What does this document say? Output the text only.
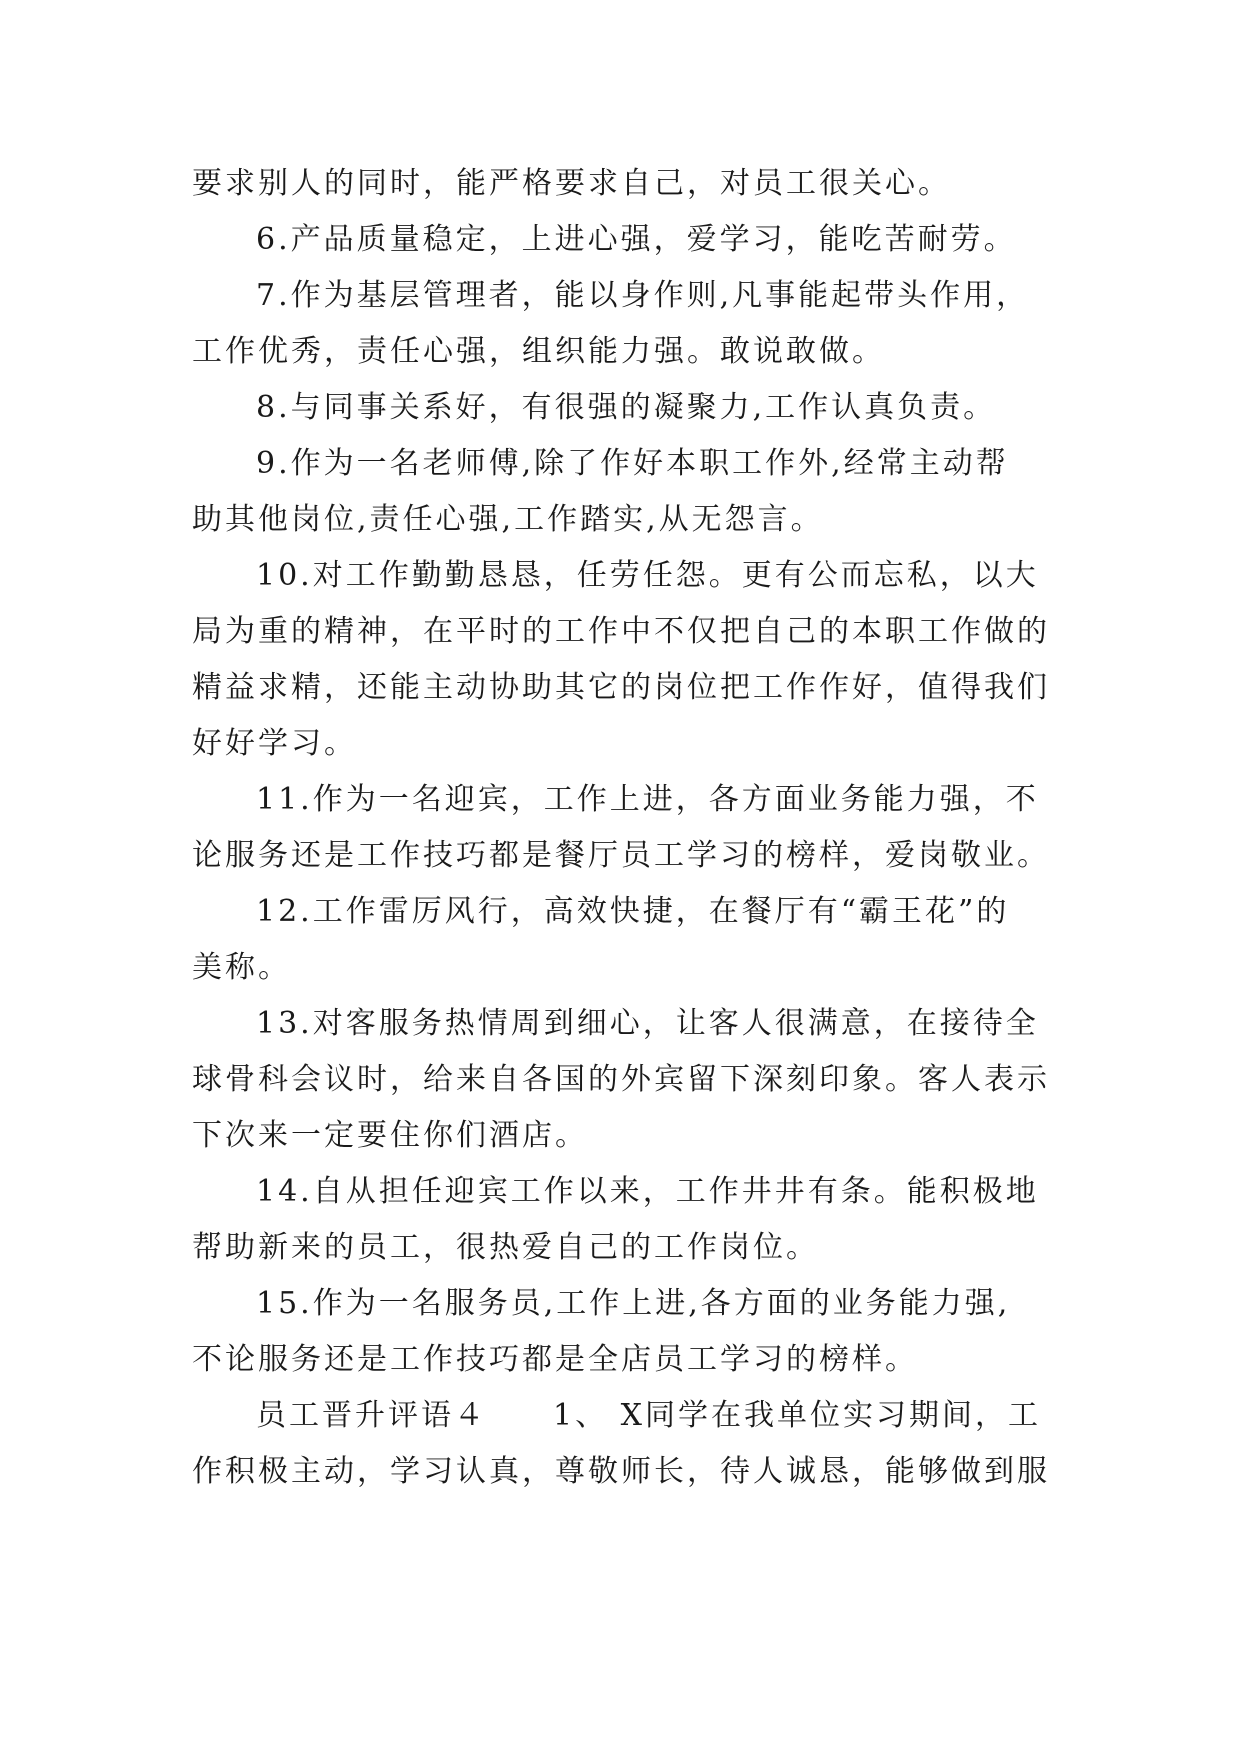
要求别人的同时，能严格要求自己，对员工很关心。
6.产品质量稳定，上进心强，爱学习，能吃苦耐劳。
7.作为基层管理者，能以身作则,凡事能起带头作用，
工作优秀，责任心强，组织能力强。敢说敢做。
8.与同事关系好，有很强的凝聚力,工作认真负责。
9.作为一名老师傅,除了作好本职工作外,经常主动帮
助其他岗位,责任心强,工作踏实,从无怨言。
10.对工作勤勤恳恳，任劳任怨。更有公而忘私，以大
局为重的精神，在平时的工作中不仅把自己的本职工作做的
精益求精，还能主动协助其它的岗位把工作作好，值得我们
好好学习。
11.作为一名迎宾，工作上进，各方面业务能力强，不
论服务还是工作技巧都是餐厅员工学习的榜样，爱岗敬业。
12.工作雷厉风行，高效快捷，在餐厅有“霸王花”的
美称。
13.对客服务热情周到细心，让客人很满意，在接待全
球骨科会议时，给来自各国的外宾留下深刻印象。客人表示
下次来一定要住你们酒店。
14.自从担任迎宾工作以来，工作井井有条。能积极地
帮助新来的员工，很热爱自己的工作岗位。
15.作为一名服务员,工作上进,各方面的业务能力强,
不论服务还是工作技巧都是全店员工学习的榜样。
员工晋升评语４　　1、 X同学在我单位实习期间，工
作积极主动，学习认真，尊敬师长，待人诚恳，能够做到服
